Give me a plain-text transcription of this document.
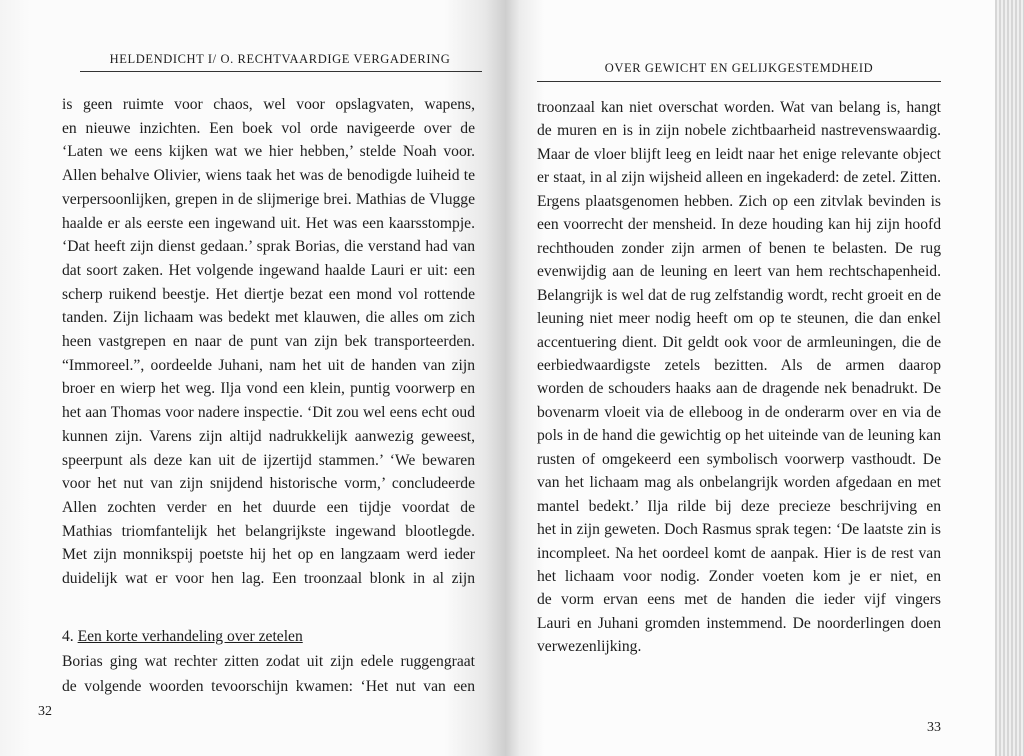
HELDENDICHT I/ O. RECHTVAARDIGE VERGADERING
is geen ruimte voor chaos, wel voor opslagvaten, wapens,
en nieuwe inzichten. Een boek vol orde navigeerde over de
‘Laten we eens kijken wat we hier hebben,’ stelde Noah voor.
Allen behalve Olivier, wiens taak het was de benodigde luiheid te
verpersoonlijken, grepen in de slijmerige brei. Mathias de Vlugge
haalde er als eerste een ingewand uit. Het was een kaarsstompje.
‘Dat heeft zijn dienst gedaan.’ sprak Borias, die verstand had van
dat soort zaken. Het volgende ingewand haalde Lauri er uit: een
scherp ruikend beestje. Het diertje bezat een mond vol rottende
tanden. Zijn lichaam was bedekt met klauwen, die alles om zich
heen vastgrepen en naar de punt van zijn bek transporteerden.
“Immoreel.”, oordeelde Juhani, nam het uit de handen van zijn
broer en wierp het weg. Ilja vond een klein, puntig voorwerp en
het aan Thomas voor nadere inspectie. ‘Dit zou wel eens echt oud
kunnen zijn. Varens zijn altijd nadrukkelijk aanwezig geweest,
speerpunt als deze kan uit de ijzertijd stammen.’ ‘We bewaren
voor het nut van zijn snijdend historische vorm,’ concludeerde
Allen zochten verder en het duurde een tijdje voordat de
Mathias triomfantelijk het belangrijkste ingewand blootlegde.
Met zijn monnikspij poetste hij het op en langzaam werd ieder
duidelijk wat er voor hen lag. Een troonzaal blonk in al zijn
4. Een korte verhandeling over zetelen
Borias ging wat rechter zitten zodat uit zijn edele ruggengraat
de volgende woorden tevoorschijn kwamen: ‘Het nut van een
32
OVER GEWICHT EN GELIJKGESTEMDHEID
troonzaal kan niet overschat worden. Wat van belang is, hangt
de muren en is in zijn nobele zichtbaarheid nastrevenswaardig.
Maar de vloer blijft leeg en leidt naar het enige relevante object
er staat, in al zijn wijsheid alleen en ingekaderd: de zetel. Zitten.
Ergens plaatsgenomen hebben. Zich op een zitvlak bevinden is
een voorrecht der mensheid. In deze houding kan hij zijn hoofd
rechthouden zonder zijn armen of benen te belasten. De rug
evenwijdig aan de leuning en leert van hem rechtschapenheid.
Belangrijk is wel dat de rug zelfstandig wordt, recht groeit en de
leuning niet meer nodig heeft om op te steunen, die dan enkel
accentuering dient. Dit geldt ook voor de armleuningen, die de
eerbiedwaardigste zetels bezitten. Als de armen daarop
worden de schouders haaks aan de dragende nek benadrukt. De
bovenarm vloeit via de elleboog in de onderarm over en via de
pols in de hand die gewichtig op het uiteinde van de leuning kan
rusten of omgekeerd een symbolisch voorwerp vasthoudt. De
van het lichaam mag als onbelangrijk worden afgedaan en met
mantel bedekt.’ Ilja rilde bij deze precieze beschrijving en
het in zijn geweten. Doch Rasmus sprak tegen: ‘De laatste zin is
incompleet. Na het oordeel komt de aanpak. Hier is de rest van
het lichaam voor nodig. Zonder voeten kom je er niet, en
de vorm ervan eens met de handen die ieder vijf vingers
Lauri en Juhani gromden instemmend. De noorderlingen doen
verwezenlijking.
33
